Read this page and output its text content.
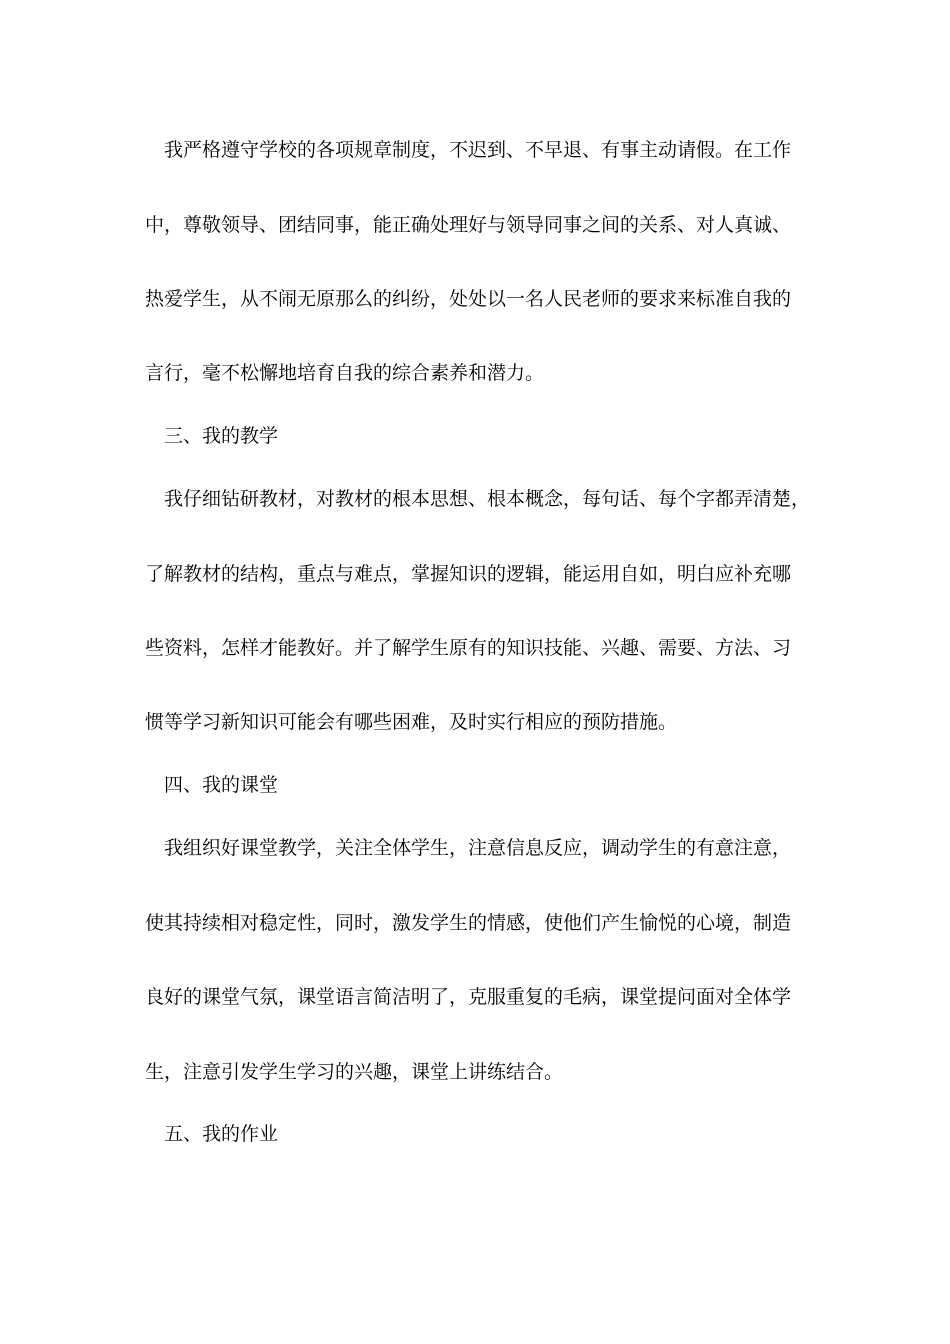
我严格遵守学校的各项规章制度，不迟到、不早退、有事主动请假。在工作
中，尊敬领导、团结同事，能正确处理好与领导同事之间的关系、对人真诚、
热爱学生，从不闹无原那么的纠纷，处处以一名人民老师的要求来标准自我的
言行，毫不松懈地培育自我的综合素养和潜力。
三、我的教学
我仔细钻研教材，对教材的根本思想、根本概念，每句话、每个字都弄清楚，
了解教材的结构，重点与难点，掌握知识的逻辑，能运用自如，明白应补充哪
些资料，怎样才能教好。并了解学生原有的知识技能、兴趣、需要、方法、习
惯等学习新知识可能会有哪些困难，及时实行相应的预防措施。
四、我的课堂
我组织好课堂教学，关注全体学生，注意信息反应，调动学生的有意注意，
使其持续相对稳定性，同时，激发学生的情感，使他们产生愉悦的心境，制造
良好的课堂气氛，课堂语言简洁明了，克服重复的毛病，课堂提问面对全体学
生，注意引发学生学习的兴趣，课堂上讲练结合。
五、我的作业
